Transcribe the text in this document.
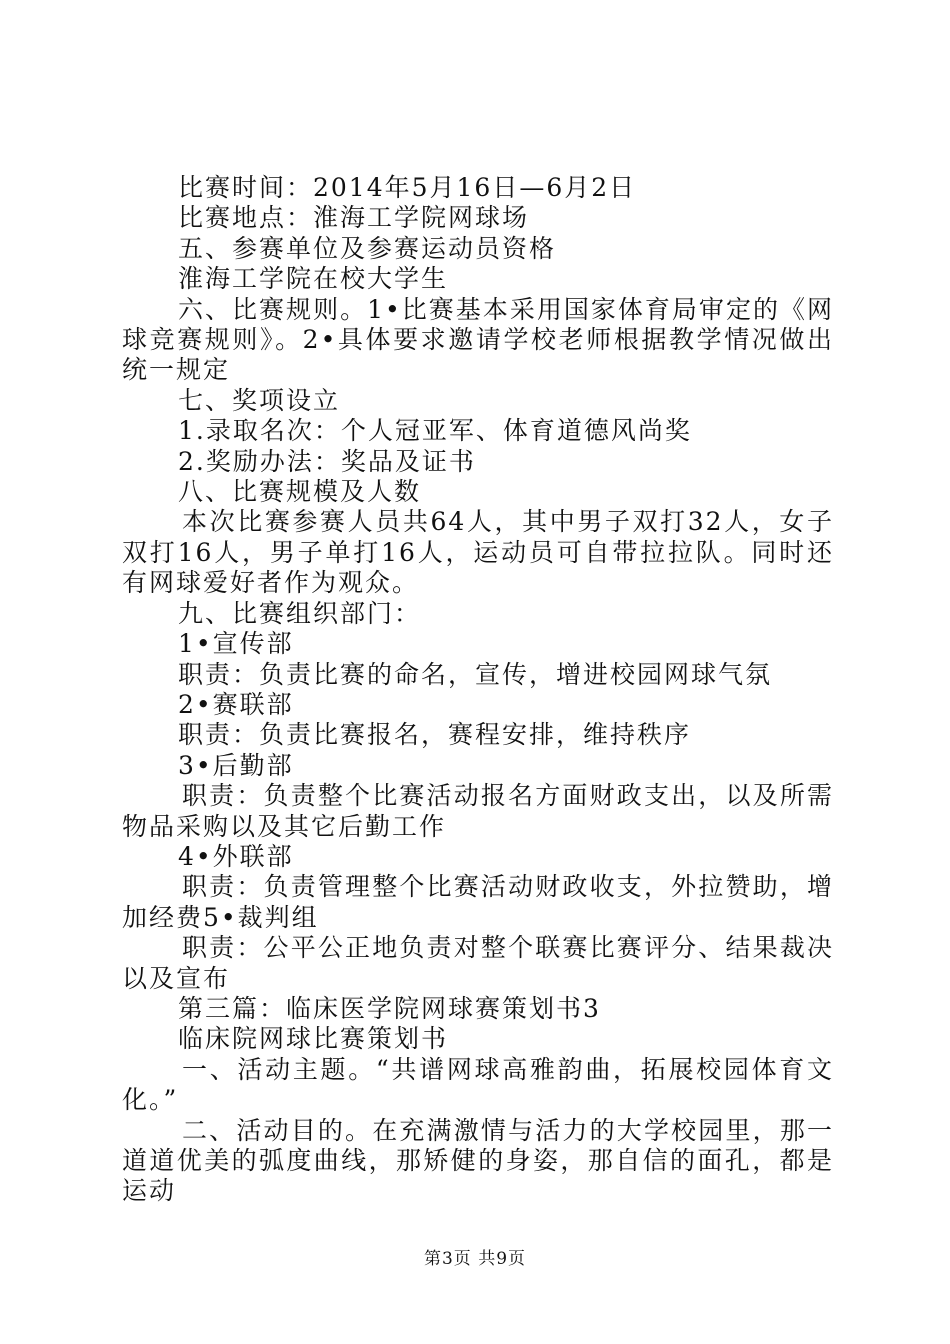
比赛时间：2014年5月16日—6月2日

比赛地点：淮海工学院网球场

五、参赛单位及参赛运动员资格

淮海工学院在校大学生

六、比赛规则。1•比赛基本采用国家体育局审定的《网球竞赛规则》。2•具体要求邀请学校老师根据教学情况做出统一规定

七、奖项设立

1.录取名次：个人冠亚军、体育道德风尚奖

2.奖励办法：奖品及证书

八、比赛规模及人数

本次比赛参赛人员共64人，其中男子双打32人，女子双打16人，男子单打16人，运动员可自带拉拉队。同时还有网球爱好者作为观众。

九、比赛组织部门：

1•宣传部

职责：负责比赛的命名，宣传，增进校园网球气氛

2•赛联部

职责：负责比赛报名，赛程安排，维持秩序

3•后勤部

职责：负责整个比赛活动报名方面财政支出，以及所需物品采购以及其它后勤工作

4•外联部

职责：负责管理整个比赛活动财政收支，外拉赞助，增加经费5•裁判组

职责：公平公正地负责对整个联赛比赛评分、结果裁决以及宣布

第三篇：临床医学院网球赛策划书3

临床院网球比赛策划书

一、活动主题。“共谱网球高雅韵曲，拓展校园体育文化。”

二、活动目的。在充满激情与活力的大学校园里，那一道道优美的弧度曲线，那矫健的身姿，那自信的面孔，都是运动

第3页 共9页
